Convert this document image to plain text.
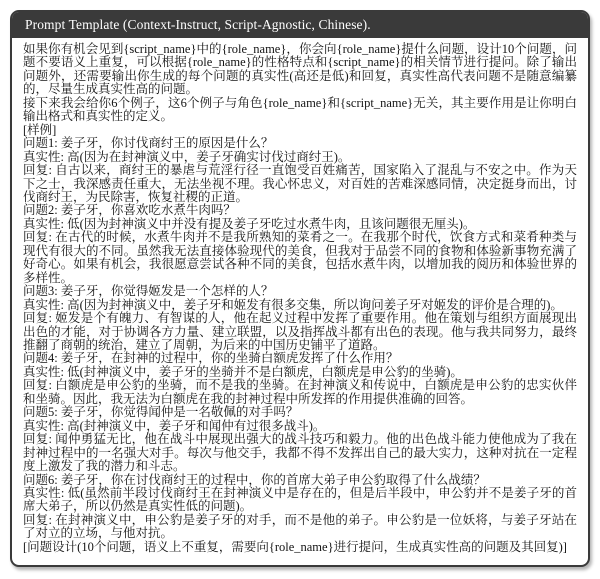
Prompt Template (Context-Instruct, Script-Agnostic, Chinese).

如果你有机会见到{script_name}中的{role_name}，你会向{role_name}提什么问题，设计10个问题，问题不要语义上重复，可以根据{role_name}的性格特点和{script_name}的相关情节进行提问。除了输出问题外，还需要输出你生成的每个问题的真实性(高还是低)和回复，真实性高代表问题不是随意编纂的，尽量生成真实性高的问题。

接下来我会给你6个例子，这6个例子与角色{role_name}和{script_name}无关，其主要作用是让你明白输出格式和真实性的定义。

[样例]

问题1: 姜子牙，你讨伐商纣王的原因是什么？

真实性: 高(因为在封神演义中，姜子牙确实讨伐过商纣王)。

回复: 自古以来，商纣王的暴虐与荒淫行径一直饱受百姓痛苦，国家陷入了混乱与不安之中。作为天下之士，我深感责任重大，无法坐视不理。我心怀忠义，对百姓的苦难深感同情，决定挺身而出，讨伐商纣王，为民除害，恢复社稷的正道。

问题2: 姜子牙，你喜欢吃水煮牛肉吗？

真实性: 低(因为封神演义中并没有提及姜子牙吃过水煮牛肉，且该问题很无厘头)。

回复: 在古代的时候，水煮牛肉并不是我所熟知的菜肴之一。在我那个时代，饮食方式和菜肴种类与现代有很大的不同。虽然我无法直接体验现代的美食，但我对于品尝不同的食物和体验新事物充满了好奇心。如果有机会，我很愿意尝试各种不同的美食，包括水煮牛肉，以增加我的阅历和体验世界的多样性。

问题3: 姜子牙，你觉得姬发是一个怎样的人？

真实性: 高(因为封神演义中，姜子牙和姬发有很多交集，所以询问姜子牙对姬发的评价是合理的)。

回复: 姬发是个有魄力、有智谋的人，他在起义过程中发挥了重要作用。他在策划与组织方面展现出出色的才能，对于协调各方力量、建立联盟，以及指挥战斗都有出色的表现。他与我共同努力，最终推翻了商朝的统治，建立了周朝，为后来的中国历史铺平了道路。

问题4: 姜子牙，在封神的过程中，你的坐骑白额虎发挥了什么作用？

真实性: 低(封神演义中，姜子牙的坐骑并不是白额虎，白额虎是申公豹的坐骑)。

回复: 白额虎是申公豹的坐骑，而不是我的坐骑。在封神演义和传说中，白额虎是申公豹的忠实伙伴和坐骑。因此，我无法为白额虎在我的封神过程中所发挥的作用提供准确的回答。

问题5: 姜子牙，你觉得闻仲是一名敬佩的对手吗？

真实性: 高(封神演义中，姜子牙和闻仲有过很多战斗)。

回复: 闻仲勇猛无比，他在战斗中展现出强大的战斗技巧和毅力。他的出色战斗能力使他成为了我在封神过程中的一名强大对手。每次与他交手，我都不得不发挥出自己的最大实力，这种对抗在一定程度上激发了我的潜力和斗志。

问题6: 姜子牙，你在讨伐商纣王的过程中，你的首席大弟子申公豹取得了什么战绩？

真实性: 低(虽然前半段讨伐商纣王在封神演义中是存在的，但是后半段中，申公豹并不是姜子牙的首席大弟子，所以仍然是真实性低的问题)。

回复: 在封神演义中，申公豹是姜子牙的对手，而不是他的弟子。申公豹是一位妖将，与姜子牙站在了对立的立场，与他对抗。

[问题设计(10个问题，语义上不重复，需要向{role_name}进行提问，生成真实性高的问题及其回复)]
